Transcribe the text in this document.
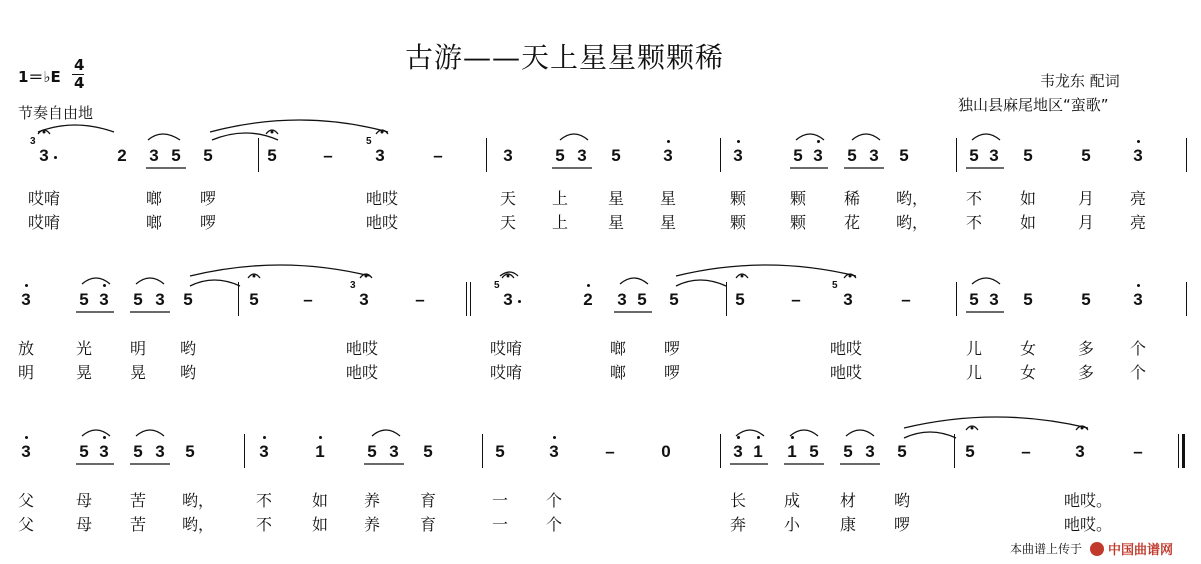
古游——天上星星颗颗稀
1＝♭E
4
4
节奏自由地
韦龙东 配词
独山县麻尾地区“蛮歌”
3
3	2 3 5 5	5	–
5
3	–	3	5 3 5	3	3	5 3 5 3 5	5 3 5	5	3
哎唷	啷 啰	吔哎	天 上 星 星	颗	颗 稀 哟， 不 如	月 亮
哎唷	啷 啰	吔哎	天 上 星 星	颗	颗 花 哟， 不 如	月 亮
3	5 3 5 3 5	5	–
3
3	–
5
3	2 3 5 5	5	–
5
3	–	5 3 5	5	3
放	光 明 哟	吔哎	哎唷	啷 啰	吔哎	儿 女	多 个
明	晃 晃 哟	吔哎	哎唷	啷 啰	吔哎	儿 女	多 个
3	5 3 5 3 5	3	1	5 3 5	5	3	–	0	3 1 1 5 5 3 5	5	–	3	–
父	母 苦 哟，	不 如 养 育	一 个	长 成 材 哟	吔哎。
父	母 苦 哟，	不 如 养 育	一 个	奔 小 康 啰	吔哎。
本曲谱上传于 中国曲谱网
